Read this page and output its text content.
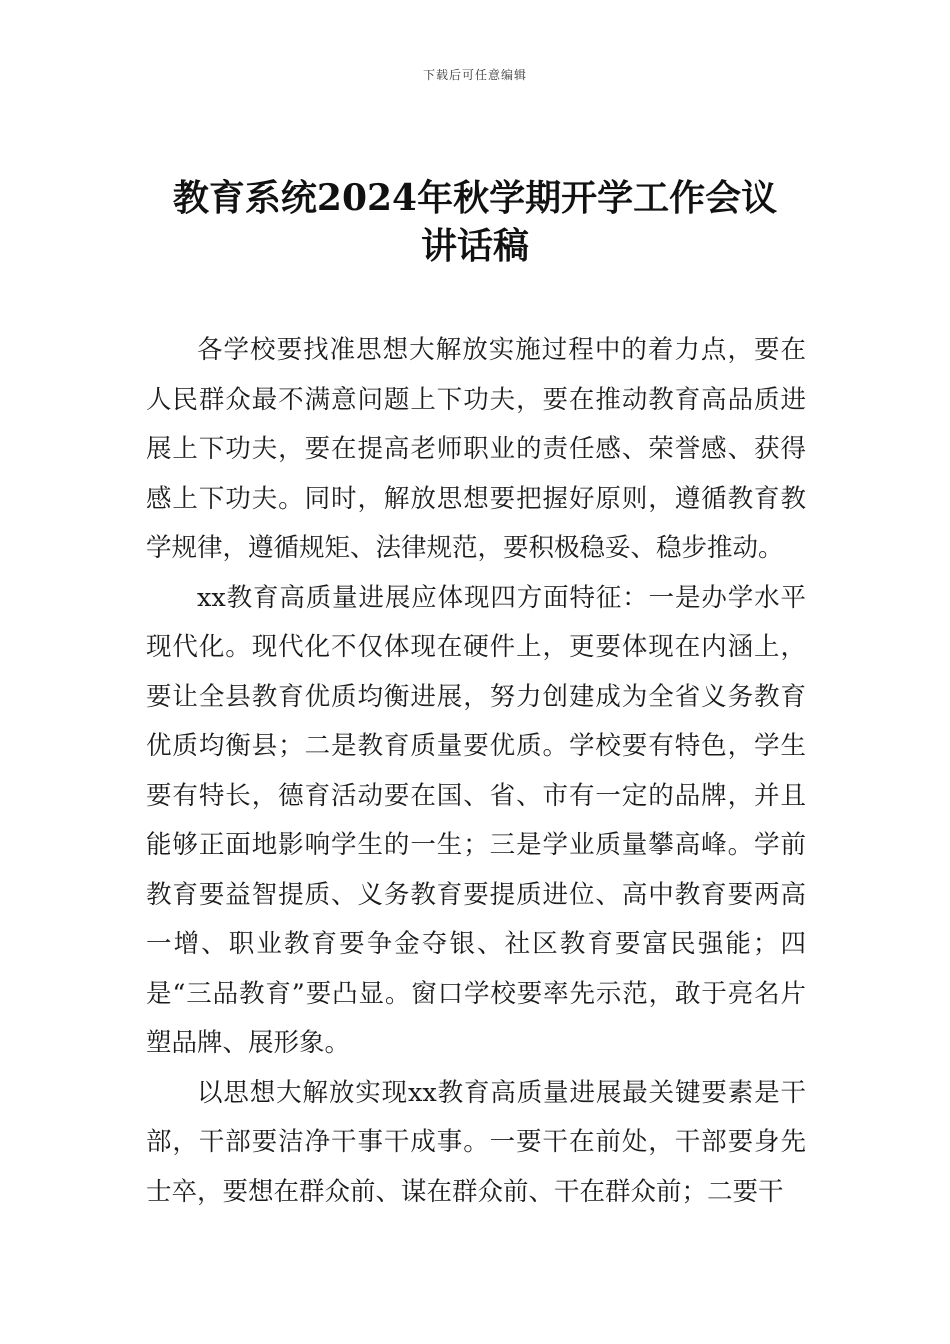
下载后可任意编辑
教育系统2024年秋学期开学工作会议
讲话稿

各学校要找准思想大解放实施过程中的着力点，要在人民群众最不满意问题上下功夫，要在推动教育高品质进展上下功夫，要在提高老师职业的责任感、荣誉感、获得感上下功夫。同时，解放思想要把握好原则，遵循教育教学规律，遵循规矩、法律规范，要积极稳妥、稳步推动。

xx教育高质量进展应体现四方面特征：一是办学水平现代化。现代化不仅体现在硬件上，更要体现在内涵上，要让全县教育优质均衡进展，努力创建成为全省义务教育优质均衡县；二是教育质量要优质。学校要有特色，学生要有特长，德育活动要在国、省、市有一定的品牌，并且能够正面地影响学生的一生；三是学业质量攀高峰。学前教育要益智提质、义务教育要提质进位、高中教育要两高一增、职业教育要争金夺银、社区教育要富民强能；四是“三品教育”要凸显。窗口学校要率先示范，敢于亮名片塑品牌、展形象。

以思想大解放实现xx教育高质量进展最关键要素是干部，干部要洁净干事干成事。一要干在前处，干部要身先士卒，要想在群众前、谋在群众前、干在群众前；二要干
